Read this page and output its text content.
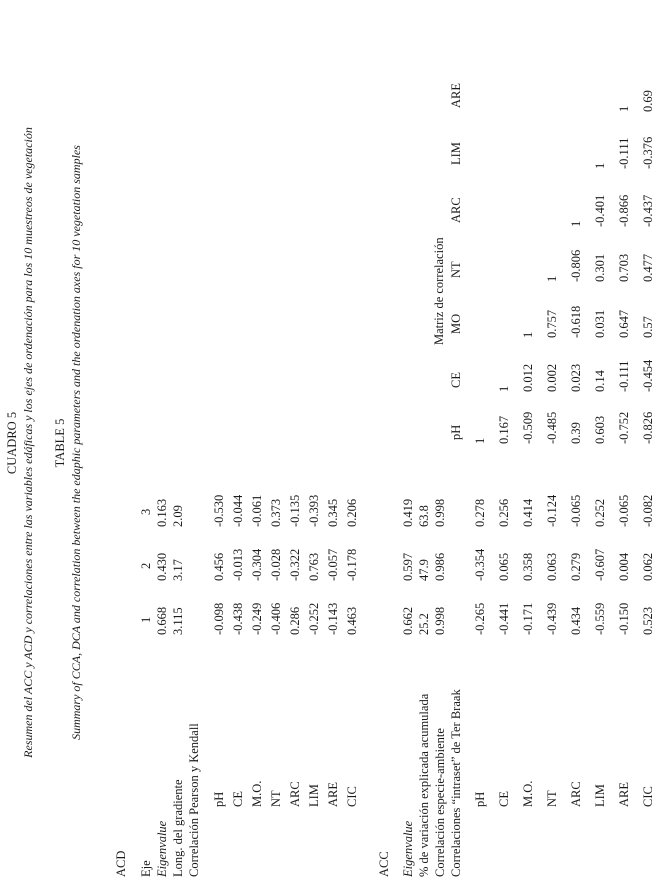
CUADRO 5 Resumen del ACC y ACD y correlaciones entre las variables edáficas y los ejes de ordenación para los 10 muestreos de vegetación TABLE 5 Summary of CCA, DCA and correlation between the edaphic parameters and the ordenation axes for 10 vegetation samples
ACD Eje
1
2
3
Eigenvalue
0.668
0.430
0.163
Long. del gradiente
3.115
3.17
2.09
Correlación Pearson y Kendall pH
-0.098
0.456
-0.530
CE
-0.438
-0.013
-0.044
M.O.
-0.249
-0.304
-0.061
NT
-0.406
-0.028
0.373
ARC
0.286
-0.322
-0.135
LIM
-0.252
0.763
-0.393
ARE
-0.143
-0.057
0.345
CIC
0.463
-0.178
0.206
ACC Eigenvalue
0.662
0.597
0.419
% de variación explicada acumulada
25.2
47.9
63.8
Correlación especie-ambiente
0.998
0.986
0.998
Correlaciones “intraset” de Ter Braak
Matriz de correlación
pH
CE
MO
NT
ARC
LIM
ARE
pH
-0.265
-0.354
0.278
1
CE
-0.441
0.065
0.256
0.167
1
M.O.
-0.171
0.358
0.414
-0.509
0.012
1
NT
-0.439
0.063
-0.124
-0.485
0.002
0.757
1
ARC
0.434
0.279
-0.065
0.39
0.023
-0.618
-0.806
1
LIM
-0.559
-0.607
0.252
0.603
0.14
0.031
0.301
-0.401
1
ARE
-0.150
0.004
-0.065
-0.752
-0.111
0.647
0.703
-0.866
-0.111
1
CIC
0.523
0.062
-0.082
-0.826
-0.454
0.57
0.477
-0.437
-0.376
0.69
